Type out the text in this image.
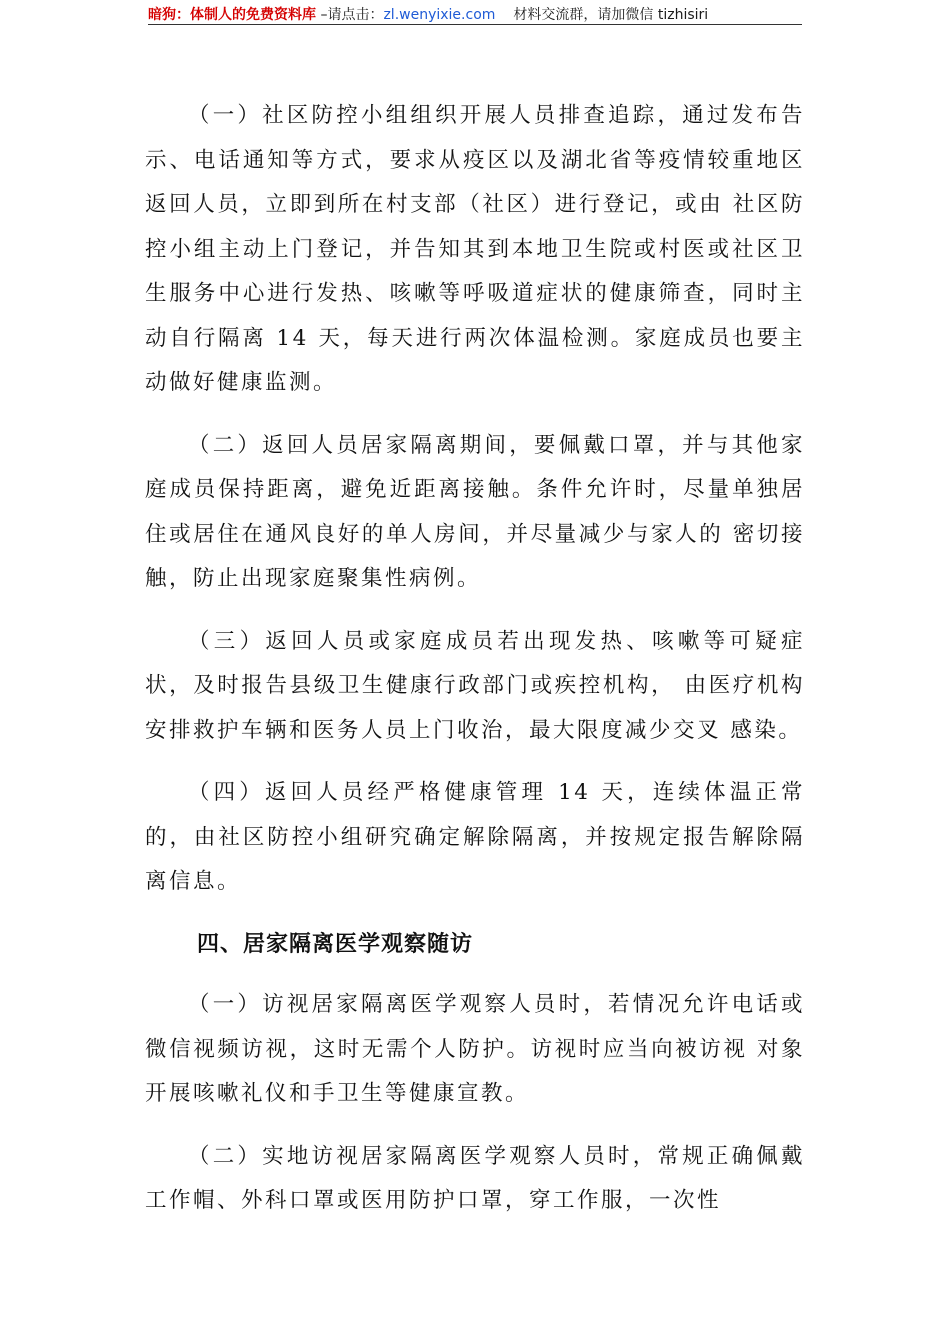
暗狗：体制人的免费资料库 –请点击：zl.wenyixie.com 材料交流群，请加微信 tizhisiri

（一）社区防控小组组织开展人员排查追踪，通过发布告示、电话通知等方式，要求从疫区以及湖北省等疫情较重地区返回人员，立即到所在村支部（社区）进行登记，或由 社区防控小组主动上门登记，并告知其到本地卫生院或村医或社区卫生服务中心进行发热、咳嗽等呼吸道症状的健康筛查，同时主动自行隔离 14 天，每天进行两次体温检测。家庭成员也要主动做好健康监测。

（二）返回人员居家隔离期间，要佩戴口罩，并与其他家庭成员保持距离，避免近距离接触。条件允许时，尽量单独居住或居住在通风良好的单人房间，并尽量减少与家人的 密切接触，防止出现家庭聚集性病例。

（三）返回人员或家庭成员若出现发热、咳嗽等可疑症状，及时报告县级卫生健康行政部门或疾控机构， 由医疗机构安排救护车辆和医务人员上门收治，最大限度减少交叉 感染。

（四）返回人员经严格健康管理 14 天，连续体温正常的，由社区防控小组研究确定解除隔离，并按规定报告解除隔离信息。

四、居家隔离医学观察随访

（一）访视居家隔离医学观察人员时，若情况允许电话或微信视频访视，这时无需个人防护。访视时应当向被访视 对象开展咳嗽礼仪和手卫生等健康宣教。

（二）实地访视居家隔离医学观察人员时，常规正确佩戴工作帽、外科口罩或医用防护口罩，穿工作服，一次性
